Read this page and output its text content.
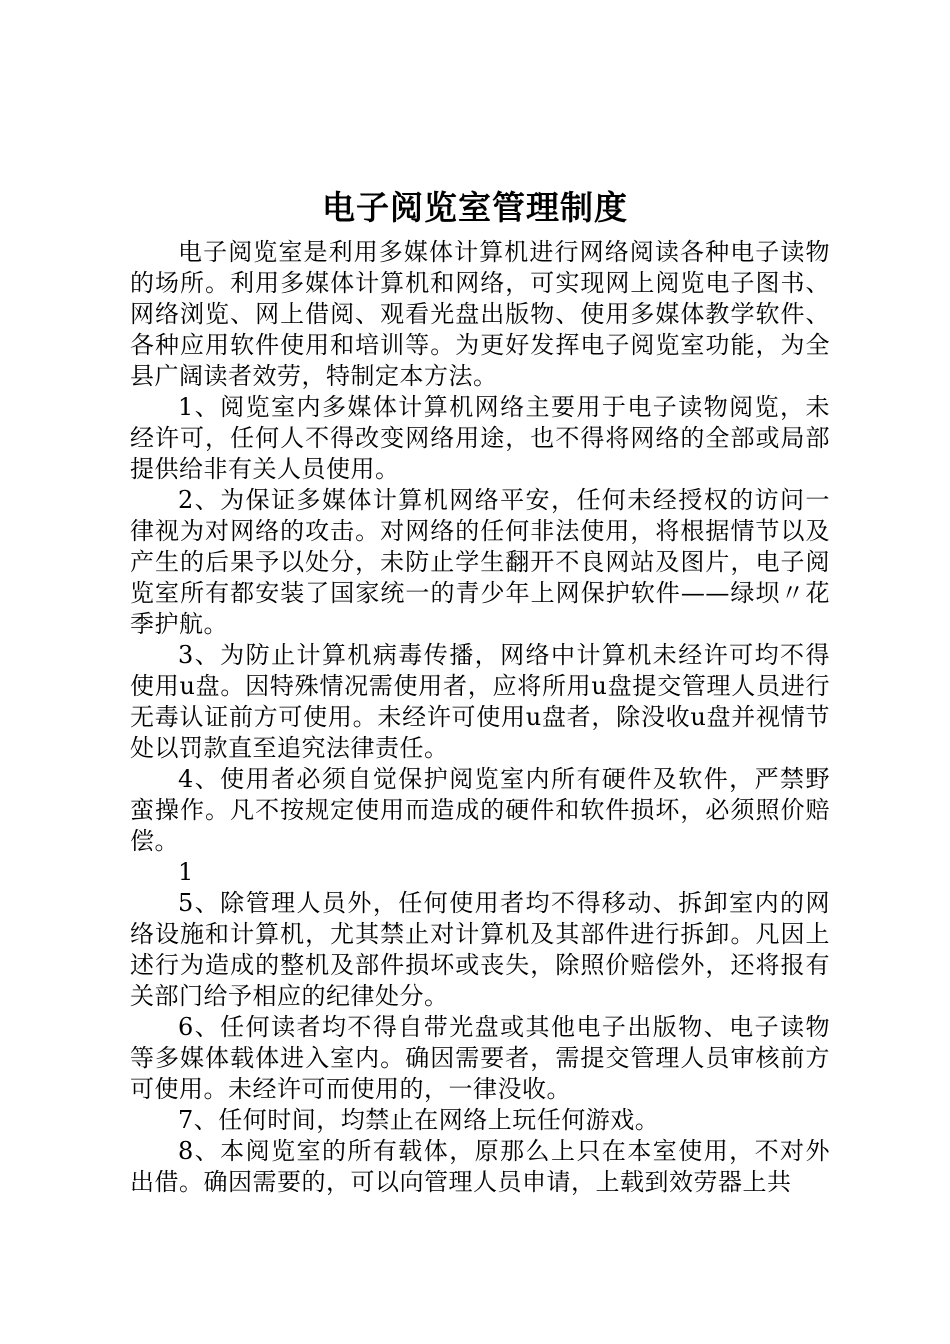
电子阅览室管理制度

电子阅览室是利用多媒体计算机进行网络阅读各种电子读物的场所。利用多媒体计算机和网络，可实现网上阅览电子图书、网络浏览、网上借阅、观看光盘出版物、使用多媒体教学软件、各种应用软件使用和培训等。为更好发挥电子阅览室功能，为全县广阔读者效劳，特制定本方法。

1、阅览室内多媒体计算机网络主要用于电子读物阅览，未经许可，任何人不得改变网络用途，也不得将网络的全部或局部提供给非有关人员使用。

2、为保证多媒体计算机网络平安，任何未经授权的访问一律视为对网络的攻击。对网络的任何非法使用，将根据情节以及产生的后果予以处分，未防止学生翻开不良网站及图片，电子阅览室所有都安装了国家统一的青少年上网保护软件——绿坝〃花季护航。

3、为防止计算机病毒传播，网络中计算机未经许可均不得使用u盘。因特殊情况需使用者，应将所用u盘提交管理人员进行无毒认证前方可使用。未经许可使用u盘者，除没收u盘并视情节处以罚款直至追究法律责任。

4、使用者必须自觉保护阅览室内所有硬件及软件，严禁野蛮操作。凡不按规定使用而造成的硬件和软件损坏，必须照价赔偿。

1

5、除管理人员外，任何使用者均不得移动、拆卸室内的网络设施和计算机，尤其禁止对计算机及其部件进行拆卸。凡因上述行为造成的整机及部件损坏或丧失，除照价赔偿外，还将报有关部门给予相应的纪律处分。

6、任何读者均不得自带光盘或其他电子出版物、电子读物等多媒体载体进入室内。确因需要者，需提交管理人员审核前方可使用。未经许可而使用的，一律没收。

7、任何时间，均禁止在网络上玩任何游戏。

8、本阅览室的所有载体，原那么上只在本室使用，不对外出借。确因需要的，可以向管理人员申请，上载到效劳器上共
